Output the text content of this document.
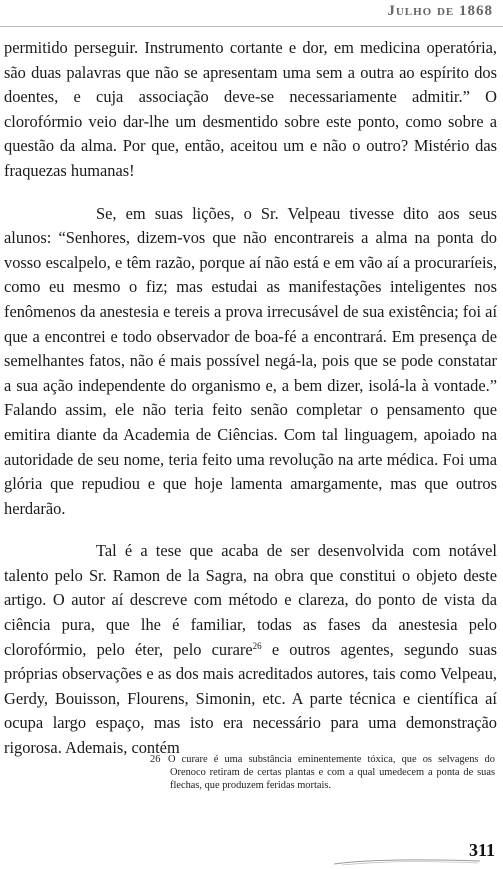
Julho de 1868

permitido perseguir. Instrumento cortante e dor, em medicina operatória, são duas palavras que não se apresentam uma sem a outra ao espírito dos doentes, e cuja associação deve-se necessariamente admitir.” O clorofórmio veio dar-lhe um desmentido sobre este ponto, como sobre a questão da alma. Por que, então, aceitou um e não o outro? Mistério das fraquezas humanas!

Se, em suas lições, o Sr. Velpeau tivesse dito aos seus alunos: “Senhores, dizem-vos que não encontrareis a alma na ponta do vosso escalpelo, e têm razão, porque aí não está e em vão aí a procuraríeis, como eu mesmo o fiz; mas estudai as manifestações inteligentes nos fenômenos da anestesia e tereis a prova irrecusável de sua existência; foi aí que a encontrei e todo observador de boa-fé a encontrará. Em presença de semelhantes fatos, não é mais possível negá-la, pois que se pode constatar a sua ação independente do organismo e, a bem dizer, isolá-la à vontade.” Falando assim, ele não teria feito senão completar o pensamento que emitira diante da Academia de Ciências. Com tal linguagem, apoiado na autoridade de seu nome, teria feito uma revolução na arte médica. Foi uma glória que repudiou e que hoje lamenta amargamente, mas que outros herdarão.

Tal é a tese que acaba de ser desenvolvida com notável talento pelo Sr. Ramon de la Sagra, na obra que constitui o objeto deste artigo. O autor aí descreve com método e clareza, do ponto de vista da ciência pura, que lhe é familiar, todas as fases da anestesia pelo clorofórmio, pelo éter, pelo curare$^{26}$ e outros agentes, segundo suas próprias observações e as dos mais acreditados autores, tais como Velpeau, Gerdy, Bouisson, Flourens, Simonin, etc. A parte técnica e científica aí ocupa largo espaço, mas isto era necessário para uma demonstração rigorosa. Ademais, contém

26 O curare é uma substância eminentemente tóxica, que os selvagens do Orenoco retiram de certas plantas e com a qual umedecem a ponta de suas flechas, que produzem feridas mortais.
311
